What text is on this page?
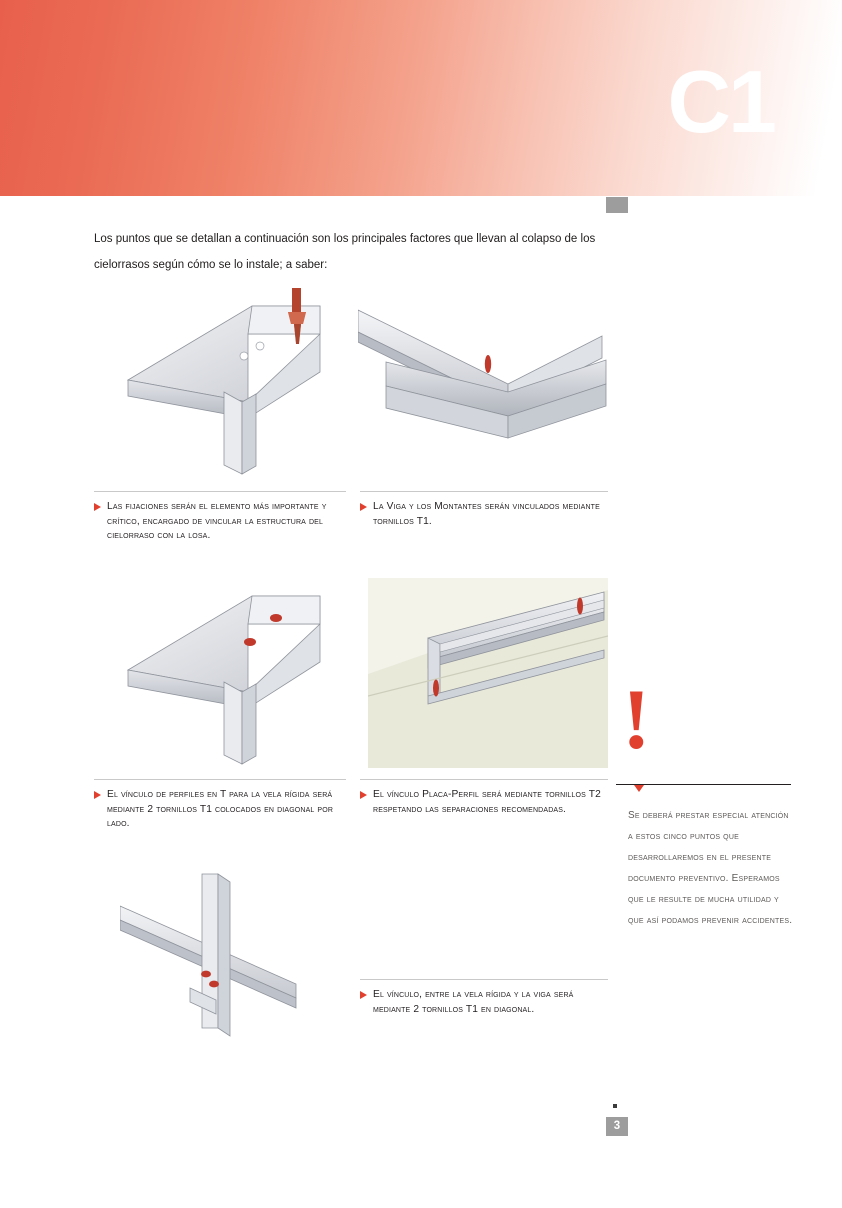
C1

Los puntos que se detallan a continuación son los principales factores que llevan al colapso de los cielorrasos según cómo se lo instale; a saber:

Las fijaciones serán el elemento más importante y crítico, encargado de vincular la estructura del cielorraso con la losa.
La Viga y los Montantes serán vinculados mediante tornillos T1.
El vínculo de perfiles en T para la vela rígida será mediante 2 tornillos T1 colocados en diagonal por lado.
El vínculo Placa-Perfil será mediante tornillos T2 respetando las separaciones recomendadas.
El vínculo, entre la vela rígida y la viga será mediante 2 tornillos T1 en diagonal.
!
Se deberá prestar especial atención a estos cinco puntos que desarrollaremos en el presente documento preventivo. Esperamos que le resulte de mucha utilidad y que así podamos prevenir accidentes.
3
